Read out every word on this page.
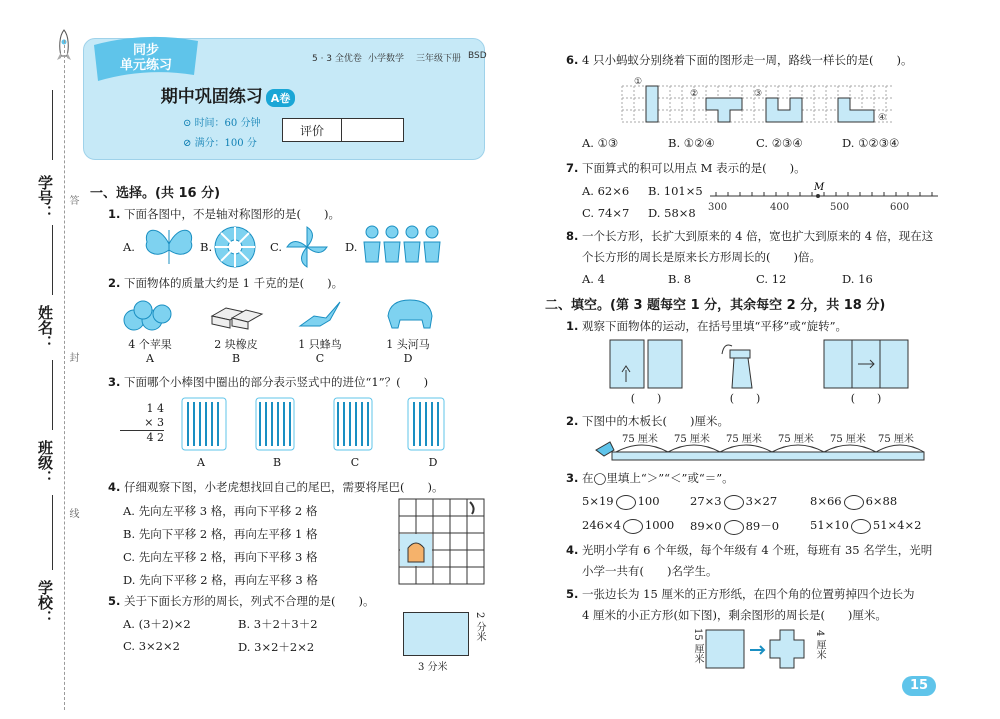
学号：
姓名：
班级：
学校：
答
封
线
同步
单元练习	5 · 3 全优卷 小学数学 三年级下册 BSD
期中巩固练习 A卷
⊙ 时间：60 分钟
⊘ 满分：100 分
评价
一、选择。(共 16 分)
1. 下面各图中，不是轴对称图形的是(　　)。
A.	B.	C.	D.
2. 下面物体的质量大约是 1 千克的是(　　)。
4 个苹果	2 块橡皮	1 只蜂鸟	1 头河马
A	B	C	D
3. 下面哪个小棒图中圈出的部分表示竖式中的进位“1”？(　　)
1 4
× 3
4 2
A	B	C	D
4. 仔细观察下图，小老虎想找回自己的尾巴，需要将尾巴(　　)。
A. 先向左平移 3 格，再向下平移 2 格
B. 先向下平移 2 格，再向左平移 1 格
C. 先向左平移 2 格，再向下平移 3 格
D. 先向下平移 2 格，再向左平移 3 格
5. 关于下面长方形的周长，列式不合理的是(　　)。
A. (3＋2)×2	B. 3＋2＋3＋2
C. 3×2×2	D. 3×2＋2×2
2 分米
3 分米
6. 4 只小蚂蚁分别绕着下面的图形走一周，路线一样长的是(　　)。
①
②	③
④
A. ①③	B. ①②④	C. ②③④	D. ①②③④
7. 下面算式的积可以用点 M 表示的是(　　)。
A. 62×6 B. 101×5
C. 74×7 D. 58×8
M
300	400	500	600
8. 一个长方形，长扩大到原来的 4 倍，宽也扩大到原来的 4 倍，现在这
个长方形的周长是原来长方形周长的(　　)倍。
A. 4	B. 8	C. 12	D. 16
二、填空。(第 3 题每空 1 分，其余每空 2 分，共 18 分)
1. 观察下面物体的运动，在括号里填“平移”或“旋转”。
(　　)	(　　)	(　　)
2. 下图中的木板长(　　)厘米。
75 厘米 75 厘米 75 厘米 75 厘米 75 厘米 75 厘米
3. 在◯里填上“＞”“＜”或“＝”。
5×19 100	27×3 3×27	8×66 6×88
246×4 1000 89×0 89－0	51×10 51×4×2
4. 光明小学有 6 个年级，每个年级有 4 个班，每班有 35 名学生，光明
小学一共有(　　)名学生。
5. 一张边长为 15 厘米的正方形纸，在四个角的位置剪掉四个边长为
4 厘米的小正方形(如下图)，剩余图形的周长是(　　)厘米。
15 厘米	4 厘米
15
